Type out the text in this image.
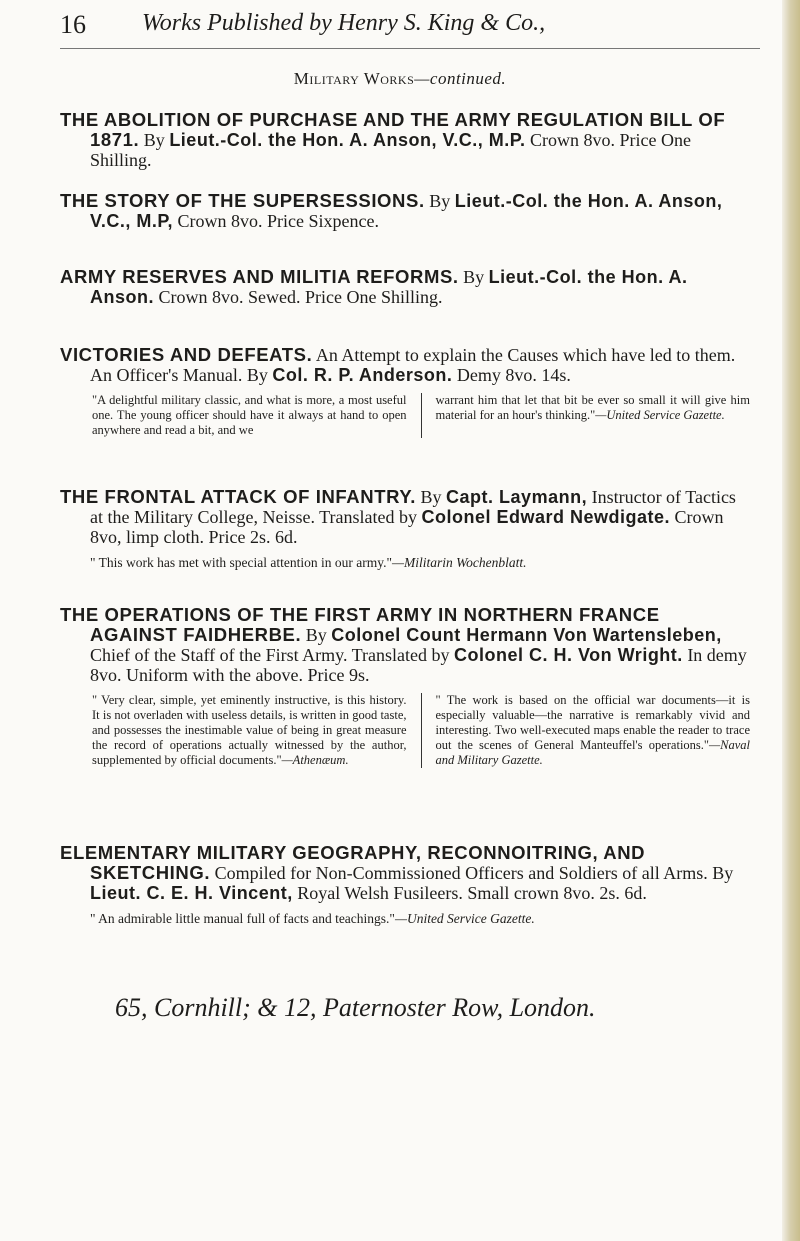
16 Works Published by Henry S. King & Co.,
Military Works—continued.

THE ABOLITION OF PURCHASE AND THE ARMY REGULATION BILL OF 1871. By Lieut.-Col. the Hon. A. Anson, V.C., M.P. Crown 8vo. Price One Shilling.

THE STORY OF THE SUPERSESSIONS. By Lieut.-Col. the Hon. A. Anson, V.C., M.P, Crown 8vo. Price Sixpence.

ARMY RESERVES AND MILITIA REFORMS. By Lieut.-Col. the Hon. A. Anson. Crown 8vo. Sewed. Price One Shilling.

VICTORIES AND DEFEATS. An Attempt to explain the Causes which have led to them. An Officer's Manual. By Col. R. P. Anderson. Demy 8vo. 14s.

"A delightful military classic, and what is more, a most useful one. The young officer should have it always at hand to open anywhere and read a bit, and we
warrant him that let that bit be ever so small it will give him material for an hour's thinking."—United Service Gazette.

THE FRONTAL ATTACK OF INFANTRY. By Capt. Laymann, Instructor of Tactics at the Military College, Neisse. Translated by Colonel Edward Newdigate. Crown 8vo, limp cloth. Price 2s. 6d.

" This work has met with special attention in our army."—Militarin Wochenblatt.

THE OPERATIONS OF THE FIRST ARMY IN NORTHERN FRANCE AGAINST FAIDHERBE. By Colonel Count Hermann Von Wartensleben, Chief of the Staff of the First Army. Translated by Colonel C. H. Von Wright. In demy 8vo. Uniform with the above. Price 9s.

" Very clear, simple, yet eminently instructive, is this history. It is not overladen with useless details, is written in good taste, and possesses the inestimable value of being in great measure the record of operations actually witnessed by the author, supplemented by official documents."—Athenæum.
" The work is based on the official war documents—it is especially valuable—the narrative is remarkably vivid and interesting. Two well-executed maps enable the reader to trace out the scenes of General Manteuffel's operations."—Naval and Military Gazette.

ELEMENTARY MILITARY GEOGRAPHY, RECONNOITRING, AND SKETCHING. Compiled for Non-Commissioned Officers and Soldiers of all Arms. By Lieut. C. E. H. Vincent, Royal Welsh Fusileers. Small crown 8vo. 2s. 6d.

" An admirable little manual full of facts and teachings."—United Service Gazette.
65, Cornhill; & 12, Paternoster Row, London.
